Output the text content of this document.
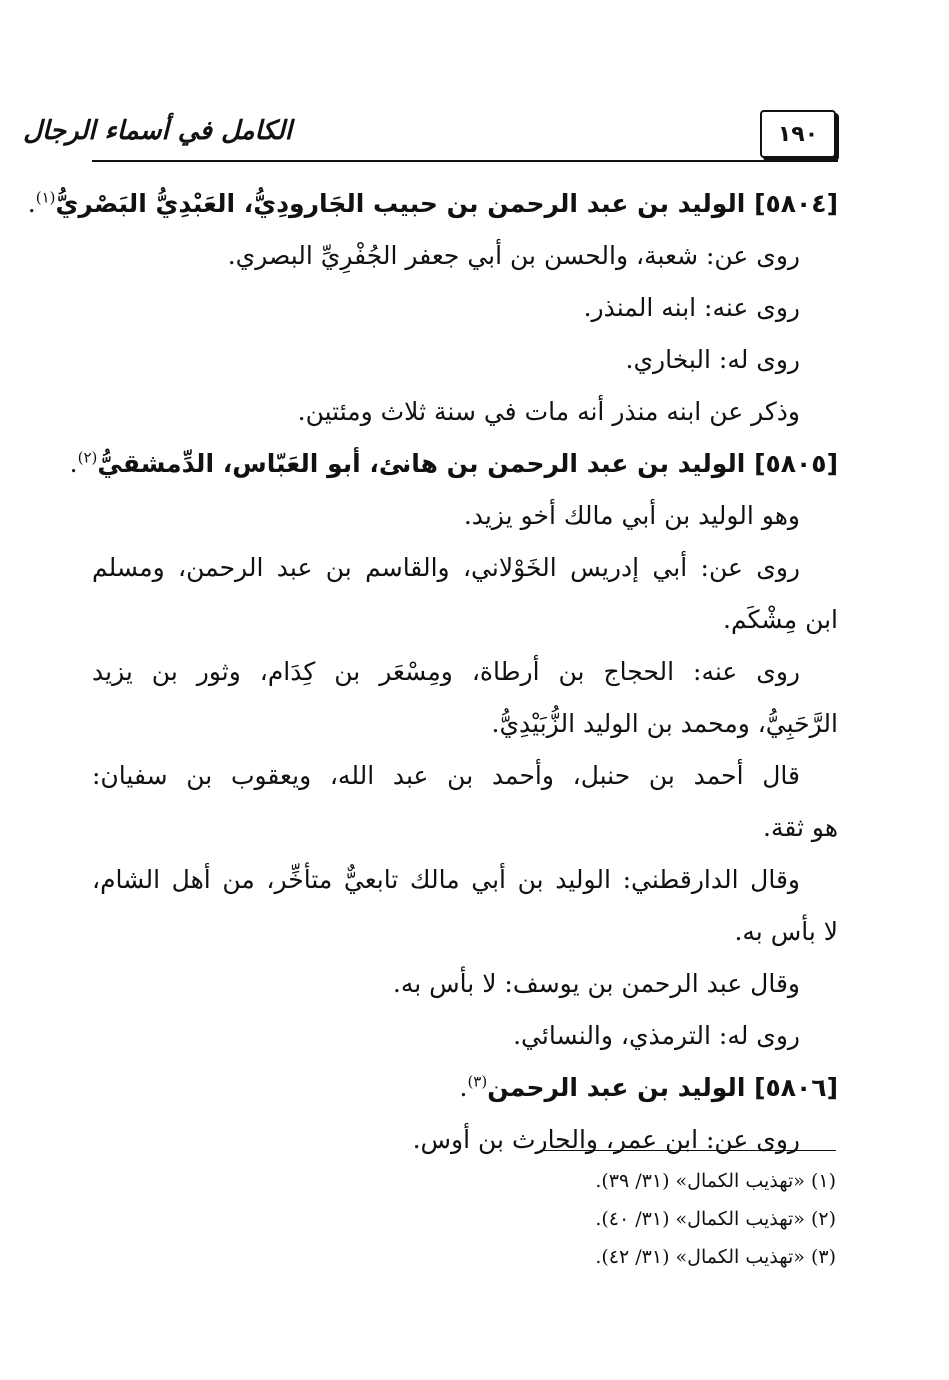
١٩٠
الكامل في أسماء الرجال
[٥٨٠٤] الوليد بن عبد الرحمن بن حبيب الجَارودِيُّ، العَبْدِيُّ البَصْريُّ$^{(١)}$.
روى عن: شعبة، والحسن بن أبي جعفر الجُفْرِيِّ البصري.
روى عنه: ابنه المنذر.
روى له: البخاري.
وذكر عن ابنه منذر أنه مات في سنة ثلاث ومئتين.
[٥٨٠٥] الوليد بن عبد الرحمن بن هانئ، أبو العَبّاس، الدِّمشقيُّ$^{(٢)}$.
وهو الوليد بن أبي مالك أخو يزيد.
روى عن: أبي إدريس الخَوْلاني، والقاسم بن عبد الرحمن، ومسلم
ابن مِشْكَم.
روى عنه: الحجاج بن أرطاة، ومِسْعَر بن كِدَام، وثور بن يزيد
الرَّحَبِيُّ، ومحمد بن الوليد الزُّبَيْدِيُّ.
قال أحمد بن حنبل، وأحمد بن عبد الله، ويعقوب بن سفيان:
هو ثقة.
وقال الدارقطني: الوليد بن أبي مالك تابعيٌّ متأخِّر، من أهل الشام،
لا بأس به.
وقال عبد الرحمن بن يوسف: لا بأس به.
روى له: الترمذي، والنسائي.
[٥٨٠٦] الوليد بن عبد الرحمن$^{(٣)}$.
روى عن: ابن عمر، والحارث بن أوس.
(١) «تهذيب الكمال» (٣١/ ٣٩).
(٢) «تهذيب الكمال» (٣١/ ٤٠).
(٣) «تهذيب الكمال» (٣١/ ٤٢).
